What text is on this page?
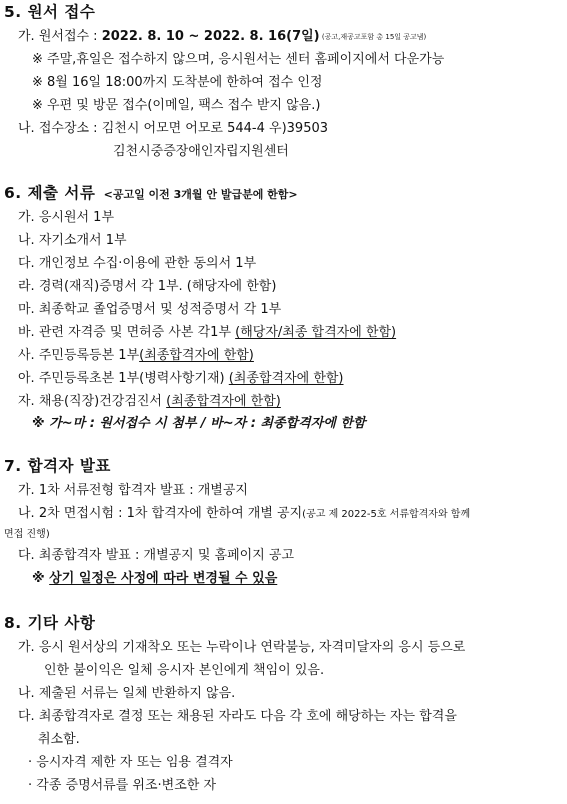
5. 원서 접수
가. 원서접수 : 2022. 8. 10 ~ 2022. 8. 16(7일) (공고,재공고포함 총 15일 공고냄)
※ 주말,휴일은 접수하지 않으며, 응시원서는 센터 홈페이지에서 다운가능
※ 8월 16일 18:00까지 도착분에 한하여 접수 인정
※ 우편 및 방문 접수(이메일, 팩스 접수 받지 않음.)
나. 접수장소 : 김천시 어모면 어모로 544-4 우)39503
김천시중증장애인자립지원센터
6. 제출 서류 <공고일 이전 3개월 안 발급분에 한함>
가. 응시원서 1부
나. 자기소개서 1부
다. 개인정보 수집·이용에 관한 동의서 1부
라. 경력(재직)증명서 각 1부. (해당자에 한함)
마. 최종학교 졸업증명서 및 성적증명서 각 1부
바. 관련 자격증 및 면허증 사본 각1부 (해당자/최종 합격자에 한함)
사. 주민등록등본 1부(최종합격자에 한함)
아. 주민등록초본 1부(병력사항기재) (최종합격자에 한함)
자. 채용(직장)건강검진서 (최종합격자에 한함)
※ 가~마 : 원서접수 시 첨부 / 바~자 : 최종합격자에 한함
7. 합격자 발표
가. 1차 서류전형 합격자 발표 : 개별공지
나. 2차 면접시험 : 1차 합격자에 한하여 개별 공지(공고 제 2022-5호 서류합격자와 함께
면접 진행)
다. 최종합격자 발표 : 개별공지 및 홈페이지 공고
※ 상기 일정은 사정에 따라 변경될 수 있음
8. 기타 사항
가. 응시 원서상의 기재착오 또는 누락이나 연락불능, 자격미달자의 응시 등으로
인한 불이익은 일체 응시자 본인에게 책임이 있음.
나. 제출된 서류는 일체 반환하지 않음.
다. 최종합격자로 결정 또는 채용된 자라도 다음 각 호에 해당하는 자는 합격을
취소함.
· 응시자격 제한 자 또는 임용 결격자
· 각종 증명서류를 위조·변조한 자
